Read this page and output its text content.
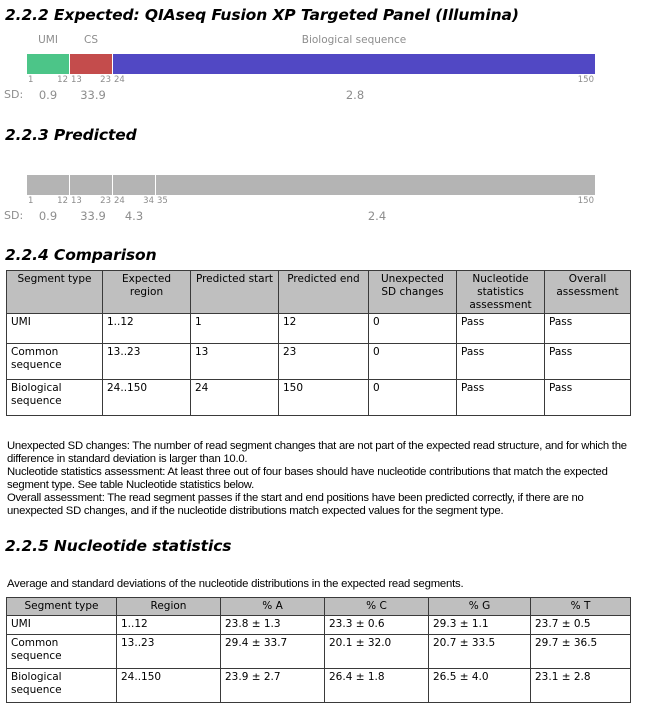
2.2.2 Expected: QIAseq Fusion XP Targeted Panel (Illumina)
UMI CS	Biological sequence
1	12 13 23 24	150
SD: 0.9 33.9	2.8
2.2.3 Predicted
1	12 13 23 24 34 35	150
SD: 0.9 33.9 4.3	2.4
2.2.4 Comparison
Segment type	Expected region	Predicted start	Predicted end	Unexpected SD changes	Nucleotide statistics assessment	Overall assessment
UMI	1..12	1	12	0	Pass	Pass
Common sequence	13..23	13	23	0	Pass	Pass
Biological sequence	24..150	24	150	0	Pass	Pass

Unexpected SD changes: The number of read segment changes that are not part of the expected read structure, and for which the difference in standard deviation is larger than 10.0.

Nucleotide statistics assessment: At least three out of four bases should have nucleotide contributions that match the expected segment type. See table Nucleotide statistics below.

Overall assessment: The read segment passes if the start and end positions have been predicted correctly, if there are no unexpected SD changes, and if the nucleotide distributions match expected values for the segment type.

2.2.5 Nucleotide statistics
Average and standard deviations of the nucleotide distributions in the expected read segments.
Segment type	Region	% A	% C	% G	% T
UMI	1..12	23.8 ± 1.3	23.3 ± 0.6	29.3 ± 1.1	23.7 ± 0.5
Common sequence	13..23	29.4 ± 33.7	20.1 ± 32.0	20.7 ± 33.5	29.7 ± 36.5
Biological sequence	24..150	23.9 ± 2.7	26.4 ± 1.8	26.5 ± 4.0	23.1 ± 2.8
